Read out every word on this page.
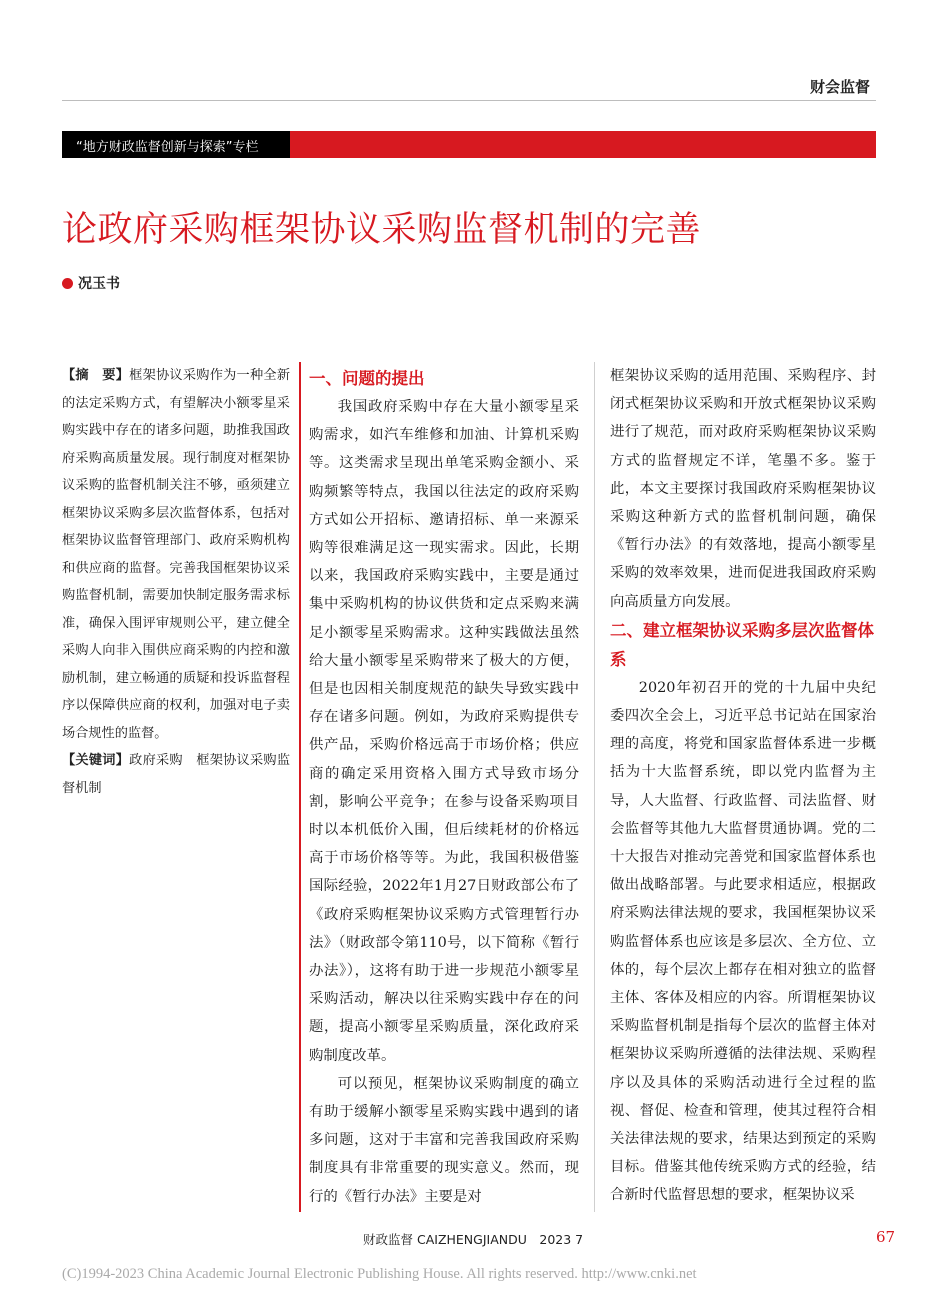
财会监督
“地方财政监督创新与探索”专栏
论政府采购框架协议采购监督机制的完善
况玉书

【摘　要】框架协议采购作为一种全新的法定采购方式，有望解决小额零星采购实践中存在的诸多问题，助推我国政府采购高质量发展。现行制度对框架协议采购的监督机制关注不够，亟须建立框架协议采购多层次监督体系，包括对框架协议监督管理部门、政府采购机构和供应商的监督。完善我国框架协议采购监督机制，需要加快制定服务需求标准，确保入围评审规则公平，建立健全采购人向非入围供应商采购的内控和激励机制，建立畅通的质疑和投诉监督程序以保障供应商的权利，加强对电子卖场合规性的监督。

【关键词】政府采购　框架协议采购监督机制

一、问题的提出

我国政府采购中存在大量小额零星采购需求，如汽车维修和加油、计算机采购等。这类需求呈现出单笔采购金额小、采购频繁等特点，我国以往法定的政府采购方式如公开招标、邀请招标、单一来源采购等很难满足这一现实需求。因此，长期以来，我国政府采购实践中，主要是通过集中采购机构的协议供货和定点采购来满足小额零星采购需求。这种实践做法虽然给大量小额零星采购带来了极大的方便，但是也因相关制度规范的缺失导致实践中存在诸多问题。例如，为政府采购提供专供产品，采购价格远高于市场价格；供应商的确定采用资格入围方式导致市场分割，影响公平竞争；在参与设备采购项目时以本机低价入围，但后续耗材的价格远高于市场价格等等。为此，我国积极借鉴国际经验，2022年1月27日财政部公布了《政府采购框架协议采购方式管理暂行办法》（财政部令第110号，以下简称《暂行办法》），这将有助于进一步规范小额零星采购活动，解决以往采购实践中存在的问题，提高小额零星采购质量，深化政府采购制度改革。

可以预见，框架协议采购制度的确立有助于缓解小额零星采购实践中遇到的诸多问题，这对于丰富和完善我国政府采购制度具有非常重要的现实意义。然而，现行的《暂行办法》主要是对

框架协议采购的适用范围、采购程序、封闭式框架协议采购和开放式框架协议采购进行了规范，而对政府采购框架协议采购方式的监督规定不详，笔墨不多。鉴于此，本文主要探讨我国政府采购框架协议采购这种新方式的监督机制问题，确保《暂行办法》的有效落地，提高小额零星采购的效率效果，进而促进我国政府采购向高质量方向发展。

二、建立框架协议采购多层次监督体系

2020年初召开的党的十九届中央纪委四次全会上，习近平总书记站在国家治理的高度，将党和国家监督体系进一步概括为十大监督系统，即以党内监督为主导，人大监督、行政监督、司法监督、财会监督等其他九大监督贯通协调。党的二十大报告对推动完善党和国家监督体系也做出战略部署。与此要求相适应，根据政府采购法律法规的要求，我国框架协议采购监督体系也应该是多层次、全方位、立体的，每个层次上都存在相对独立的监督主体、客体及相应的内容。所谓框架协议采购监督机制是指每个层次的监督主体对框架协议采购所遵循的法律法规、采购程序以及具体的采购活动进行全过程的监视、督促、检查和管理，使其过程符合相关法律法规的要求，结果达到预定的采购目标。借鉴其他传统采购方式的经验，结合新时代监督思想的要求，框架协议采

财政监督 CAIZHENGJIANDU　2023 7	67
(C)1994-2023 China Academic Journal Electronic Publishing House. All rights reserved. http://www.cnki.net
